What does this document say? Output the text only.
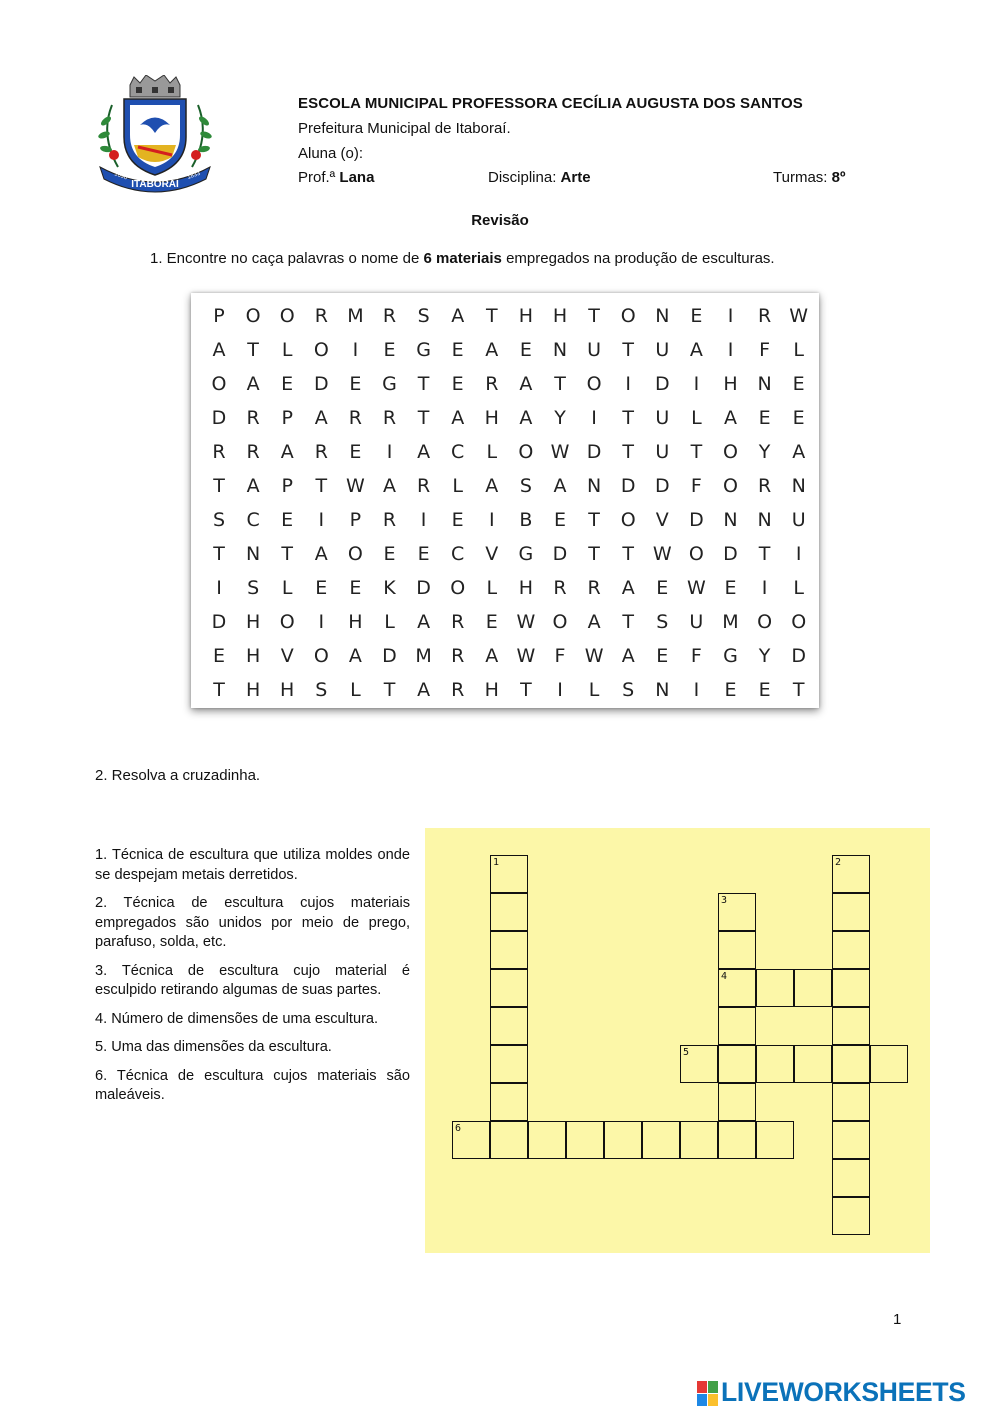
ITABORAÍ
1696	1833
ESCOLA MUNICIPAL PROFESSORA CECÍLIA AUGUSTA DOS SANTOS
Prefeitura Municipal de Itaboraí.
Aluna (o):
Prof.ª Lana	Disciplina: Arte	Turmas: 8º
Revisão
1. Encontre no caça palavras o nome de 6 materiais empregados na produção de esculturas.
P O O R M R S A T H H T O N E	I	R W
A T L O	I	E G E A E N U T U A	I	F L
O A E D E G T E R A T O	I	D	I	H N E
D R P A R R T A H A Y	I	T U L A E E
R R A R E	I	A C L O W D T U T O Y A
T A P T W A R L A S A N D D F O R N
S C E	I	P R	I	E	I	B E T O V D N N U
T N T A O E E C V G D T T W O D T	I
I	S L E E K D O L H R R A E W E	I	L
D H O	I	H L A R E W O A T S U M O O
E H V O A D M R A W F W A E F G Y D
T H H S L T A R H T	I	L S N	I	E E T
2. Resolva a cruzadinha.

1. Técnica de escultura que utiliza moldes onde se despejam metais derretidos.

2. Técnica de escultura cujos materiais empregados são unidos por meio de prego, parafuso, solda, etc.

3. Técnica de escultura cujo material é esculpido retirando algumas de suas partes.

4. Número de dimensões de uma escultura.

5. Uma das dimensões da escultura.

6. Técnica de escultura cujos materiais são maleáveis.

1	2
3
4
5
6
1
LIVEWORKSHEETS
